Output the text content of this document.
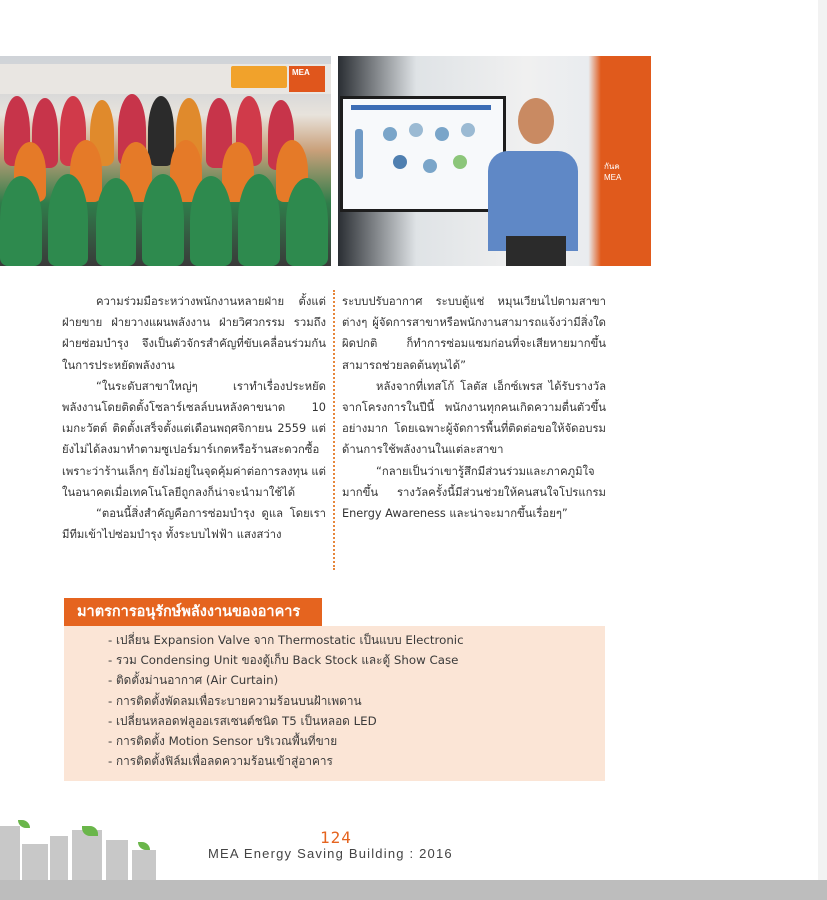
MEA
กันค
MEA

ความร่วมมือระหว่างพนักงานหลายฝ่าย ตั้งแต่ฝ่ายขาย ฝ่ายวางแผนพลังงาน ฝ่ายวิศวกรรม รวมถึงฝ่ายซ่อมบำรุง จึงเป็นตัวจักรสำคัญที่ขับเคลื่อนร่วมกันในการประหยัดพลังงาน

“ในระดับสาขาใหญ่ๆ เราทำเรื่องประหยัดพลังงานโดยติดตั้งโซลาร์เซลล์บนหลังคาขนาด 10 เมกะวัตต์ ติดตั้งเสร็จตั้งแต่เดือนพฤศจิกายน 2559 แต่ยังไม่ได้ลงมาทำตามซูเปอร์มาร์เกตหรือร้านสะดวกซื้อ เพราะว่าร้านเล็กๆ ยังไม่อยู่ในจุดคุ้มค่าต่อการลงทุน แต่ในอนาคตเมื่อเทคโนโลยีถูกลงก็น่าจะนำมาใช้ได้

“ตอนนี้สิ่งสำคัญคือการซ่อมบำรุง ดูแล โดยเรามีทีมเข้าไปซ่อมบำรุง ทั้งระบบไฟฟ้า แสงสว่าง

ระบบปรับอากาศ ระบบตู้แช่ หมุนเวียนไปตามสาขาต่างๆ ผู้จัดการสาขาหรือพนักงานสามารถแจ้งว่ามีสิ่งใดผิดปกติ ก็ทำการซ่อมแซมก่อนที่จะเสียหายมากขึ้น สามารถช่วยลดต้นทุนได้”

หลังจากที่เทสโก้ โลตัส เอ็กซ์เพรส ได้รับรางวัลจากโครงการในปีนี้ พนักงานทุกคนเกิดความตื่นตัวขึ้นอย่างมาก โดยเฉพาะผู้จัดการพื้นที่ติดต่อขอให้จัดอบรมด้านการใช้พลังงานในแต่ละสาขา

“กลายเป็นว่าเขารู้สึกมีส่วนร่วมและภาคภูมิใจมากขึ้น รางวัลครั้งนี้มีส่วนช่วยให้คนสนใจโปรแกรม Energy Awareness และน่าจะมากขึ้นเรื่อยๆ”

มาตรการอนุรักษ์พลังงานของอาคาร
- เปลี่ยน Expansion Valve จาก Thermostatic เป็นแบบ Electronic
- รวม Condensing Unit ของตู้เก็บ Back Stock และตู้ Show Case
- ติดตั้งม่านอากาศ (Air Curtain)
- การติดตั้งพัดลมเพื่อระบายความร้อนบนฝ้าเพดาน
- เปลี่ยนหลอดฟลูออเรสเซนต์ชนิด T5 เป็นหลอด LED
- การติดตั้ง Motion Sensor บริเวณพื้นที่ขาย
- การติดตั้งฟิล์มเพื่อลดความร้อนเข้าสู่อาคาร
124
MEA Energy Saving Building : 2016
